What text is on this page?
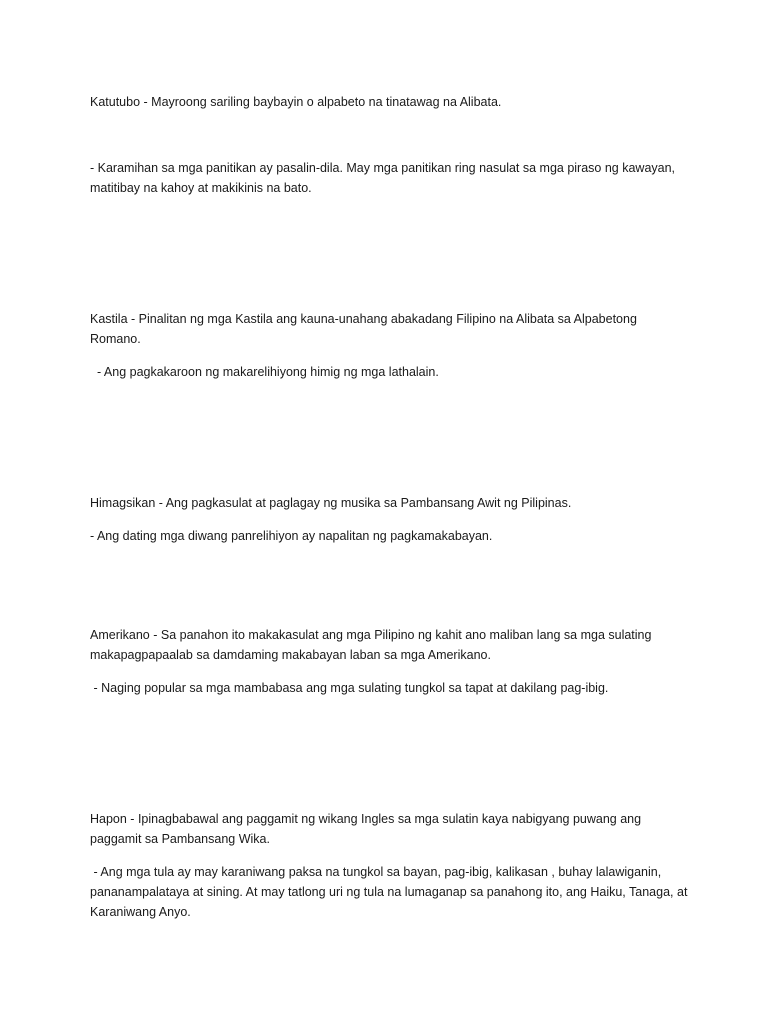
Katutubo - Mayroong sariling baybayin o alpabeto na tinatawag na Alibata.

- Karamihan sa mga panitikan ay pasalin-dila. May mga panitikan ring nasulat sa mga piraso ng kawayan, matitibay na kahoy at makikinis na bato.

Kastila - Pinalitan ng mga Kastila ang kauna-unahang abakadang Filipino na Alibata sa Alpabetong Romano.

- Ang pagkakaroon ng makarelihiyong himig ng mga lathalain.

Himagsikan - Ang pagkasulat at paglagay ng musika sa Pambansang Awit ng Pilipinas.

- Ang dating mga diwang panrelihiyon ay napalitan ng pagkamakabayan.

Amerikano - Sa panahon ito makakasulat ang mga Pilipino ng kahit ano maliban lang sa mga sulating makapagpapaalab sa damdaming makabayan laban sa mga Amerikano.

- Naging popular sa mga mambabasa ang mga sulating tungkol sa tapat at dakilang pag-ibig.

Hapon - Ipinagbabawal ang paggamit ng wikang Ingles sa mga sulatin kaya nabigyang puwang ang paggamit sa Pambansang Wika.

- Ang mga tula ay may karaniwang paksa na tungkol sa bayan, pag-ibig, kalikasan , buhay lalawiganin, pananampalataya at sining. At may tatlong uri ng tula na lumaganap sa panahong ito, ang Haiku, Tanaga, at Karaniwang Anyo.
